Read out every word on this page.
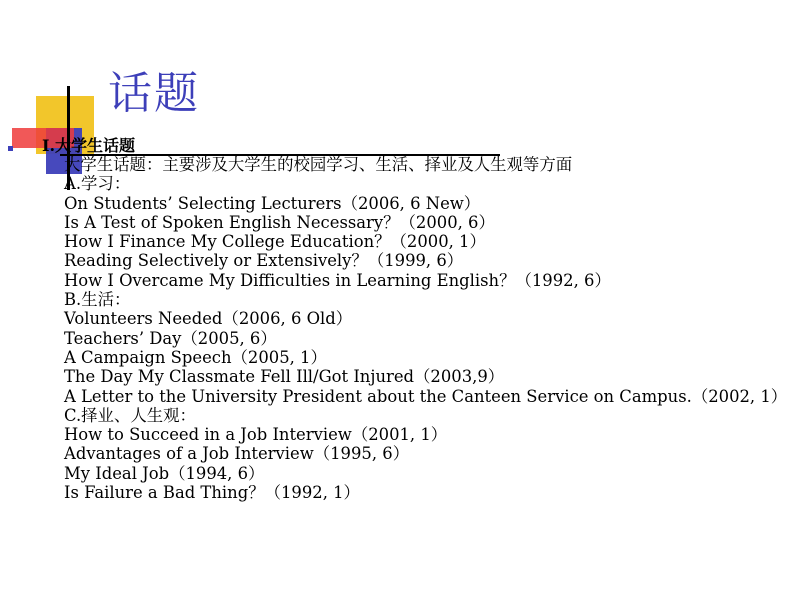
话题
Ⅰ.大学生话题
大学生话题：主要涉及大学生的校园学习、生活、择业及人生观等方面
A.学习：
On Students’ Selecting Lecturers（2006, 6 New）
Is A Test of Spoken English Necessary？（2000, 6）
How I Finance My College Education？（2000, 1）
Reading Selectively or Extensively？（1999, 6）
How I Overcame My Difficulties in Learning English？（1992, 6）
B.生活：
Volunteers Needed（2006, 6 Old）
Teachers’ Day（2005, 6）
A Campaign Speech（2005, 1）
The Day My Classmate Fell Ill/Got Injured（2003,9）
A Letter to the University President about the Canteen Service on Campus.（2002, 1）
C.择业、人生观：
How to Succeed in a Job Interview（2001, 1）
Advantages of a Job Interview（1995, 6）
My Ideal Job（1994, 6）
Is Failure a Bad Thing？（1992, 1）
